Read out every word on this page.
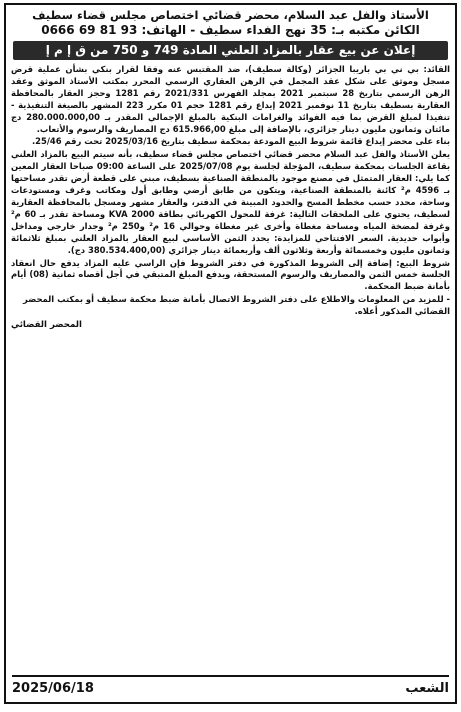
الأستاذ والفل عبد السلام، محضر قضائي اختصاص مجلس قضاء سطيف
الكائن مكتبه بـ: 35 نهج الفداء سطيف - الهاتف: 93 81 69 0666
إعلان عن بيع عقار بالمزاد العلني المادة 749 و 750 من ق إ م إ

القائد: بي ني بي باريبا الجزائر (وكالة سطيف)، ضد المقتبس عنه وفقا لقرار بنكي بشأن عملية قرض مسجل وموثق على شكل عقد المجمل في الرهن العقاري الرسمي المحرر بمكتب الأستاذ الموثق وعقد الرهن الرسمي بتاريخ 28 سبتمبر 2021 بمجلد الفهرس 2021/331 رقم 1281 وحجز العقار بالمحافظة العقارية بسطيف بتاريخ 11 نوفمبر 2021 إيداع رقم 1281 حجم 01 مكرر 223 المشهر بالصيغة التنفيذية - تنفيذا لمبلغ القرض بما فيه الفوائد والغرامات البنكية بالمبلغ الإجمالي المقدر بـ 280.000.000,00 دج مائتان وثمانون مليون دينار جزائري، بالإضافة إلى مبلغ 615.966,00 دج المصاريف والرسوم والأتعاب.

بناء على محضر إيداع قائمة شروط البيع المودعة بمحكمة سطيف بتاريخ 2025/03/16 تحت رقم 25/46.

يعلن الأستاذ والفل عبد السلام محضر قضائي اختصاص مجلس قضاء سطيف، بأنه سيتم البيع بالمزاد العلني بقاعة الجلسات بمحكمة سطيف، المؤجلة لجلسة يوم 2025/07/08 على الساعة 09:00 صباحا العقار المعين كما يلي: العقار المتمثل في مصنع موجود بالمنطقة الصناعية بسطيف، مبني على قطعة أرض تقدر مساحتها بـ 4596 م² كائنة بالمنطقة الصناعية، ويتكون من طابق أرضي وطابق أول ومكاتب وغرف ومستودعات وساحة، محدد حسب مخطط المسح والحدود المبينة في الدفتر، والعقار مشهر ومسجل بالمحافظة العقارية لسطيف، يحتوي على الملحقات التالية: غرفة للمحول الكهربائي بطاقة KVA 2000 ومساحة تقدر بـ 60 م² وغرفة لمضخة المياه ومساحة مغطاة وأخرى غير مغطاة وحوالي 16 م² و250 م² وجدار خارجي ومداخل وأبواب حديدية. السعر الافتتاحي للمزايدة: يحدد الثمن الأساسي لبيع العقار بالمزاد العلني بمبلغ ثلاثمائة وثمانون مليون وخمسمائة وأربعة وثلاثون ألف وأربعمائة دينار جزائري (380.534.400,00 دج).

شروط البيع: إضافة إلى الشروط المذكورة في دفتر الشروط فإن الراسي عليه المزاد يدفع حال انعقاد الجلسة خمس الثمن والمصاريف والرسوم المستحقة، ويدفع المبلغ المتبقي في أجل أقصاه ثمانية (08) أيام بأمانة ضبط المحكمة.

- للمزيد من المعلومات والاطلاع على دفتر الشروط الاتصال بأمانة ضبط محكمة سطيف أو بمكتب المحضر القضائي المذكور أعلاه.

المحضر القضائي
2025/06/18	الشعب
